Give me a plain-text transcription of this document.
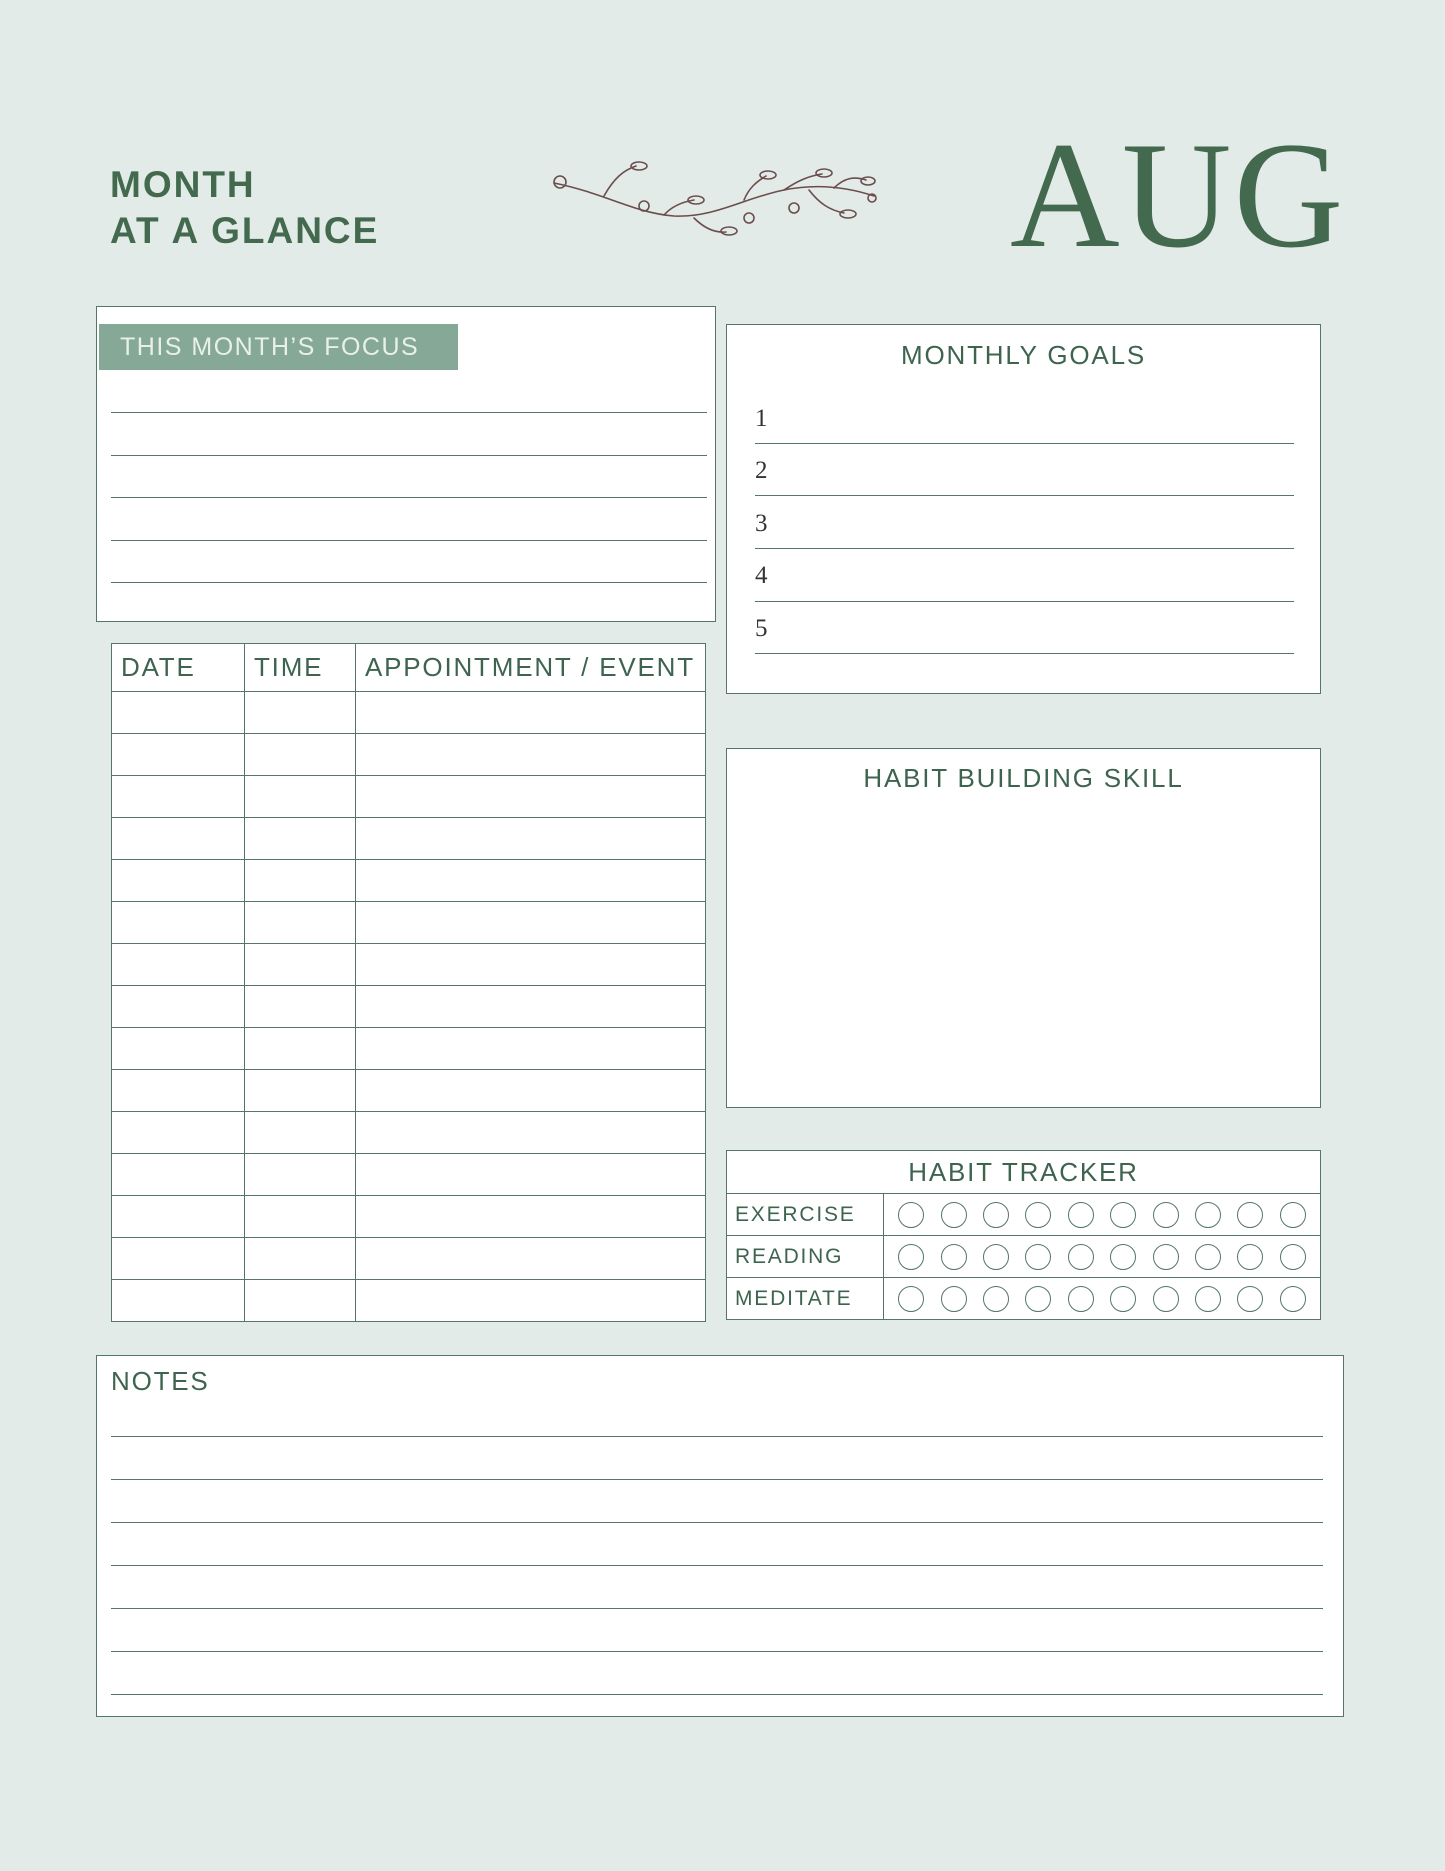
MONTH
AT A GLANCE	AUG
THIS MONTH’S FOCUS	MONTHLY GOALS
1
2
3
4
5
DATE	TIME	APPOINTMENT / EVENT

HABIT BUILDING SKILL
HABIT TRACKER	
EXERCISE	

READING	

MEDITATE	
NOTES
